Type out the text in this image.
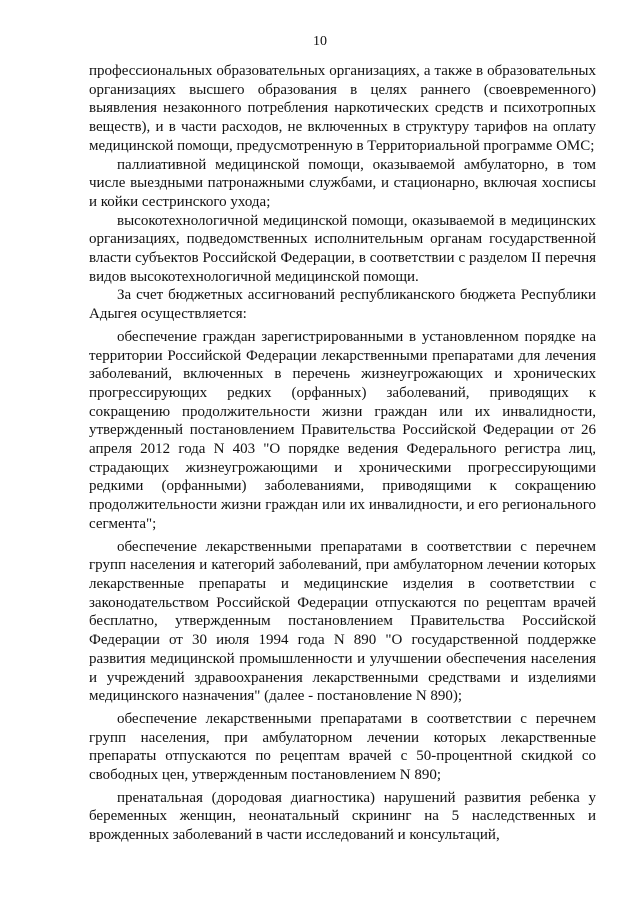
10

профессиональных образовательных организациях, а также в образовательных организациях высшего образования в целях раннего (своевременного) выявления незаконного потребления наркотических средств и психотропных веществ), и в части расходов, не включенных в структуру тарифов на оплату медицинской помощи, предусмотренную в Территориальной программе ОМС;

паллиативной медицинской помощи, оказываемой амбулаторно, в том числе выездными патронажными службами, и стационарно, включая хосписы и койки сестринского ухода;

высокотехнологичной медицинской помощи, оказываемой в медицинских организациях, подведомственных исполнительным органам государственной власти субъектов Российской Федерации, в соответствии с разделом II перечня видов высокотехнологичной медицинской помощи.

За счет бюджетных ассигнований республиканского бюджета Республики Адыгея осуществляется:

обеспечение граждан зарегистрированными в установленном порядке на территории Российской Федерации лекарственными препаратами для лечения заболеваний, включенных в перечень жизнеугрожающих и хронических прогрессирующих редких (орфанных) заболеваний, приводящих к сокращению продолжительности жизни граждан или их инвалидности, утвержденный постановлением Правительства Российской Федерации от 26 апреля 2012 года N 403 "О порядке ведения Федерального регистра лиц, страдающих жизнеугрожающими и хроническими прогрессирующими редкими (орфанными) заболеваниями, приводящими к сокращению продолжительности жизни граждан или их инвалидности, и его регионального сегмента";

обеспечение лекарственными препаратами в соответствии с перечнем групп населения и категорий заболеваний, при амбулаторном лечении которых лекарственные препараты и медицинские изделия в соответствии с законодательством Российской Федерации отпускаются по рецептам врачей бесплатно, утвержденным постановлением Правительства Российской Федерации от 30 июля 1994 года N 890 "О государственной поддержке развития медицинской промышленности и улучшении обеспечения населения и учреждений здравоохранения лекарственными средствами и изделиями медицинского назначения" (далее - постановление N 890);

обеспечение лекарственными препаратами в соответствии с перечнем групп населения, при амбулаторном лечении которых лекарственные препараты отпускаются по рецептам врачей с 50-процентной скидкой со свободных цен, утвержденным постановлением N 890;

пренатальная (дородовая диагностика) нарушений развития ребенка у беременных женщин, неонатальный скрининг на 5 наследственных и врожденных заболеваний в части исследований и консультаций,
